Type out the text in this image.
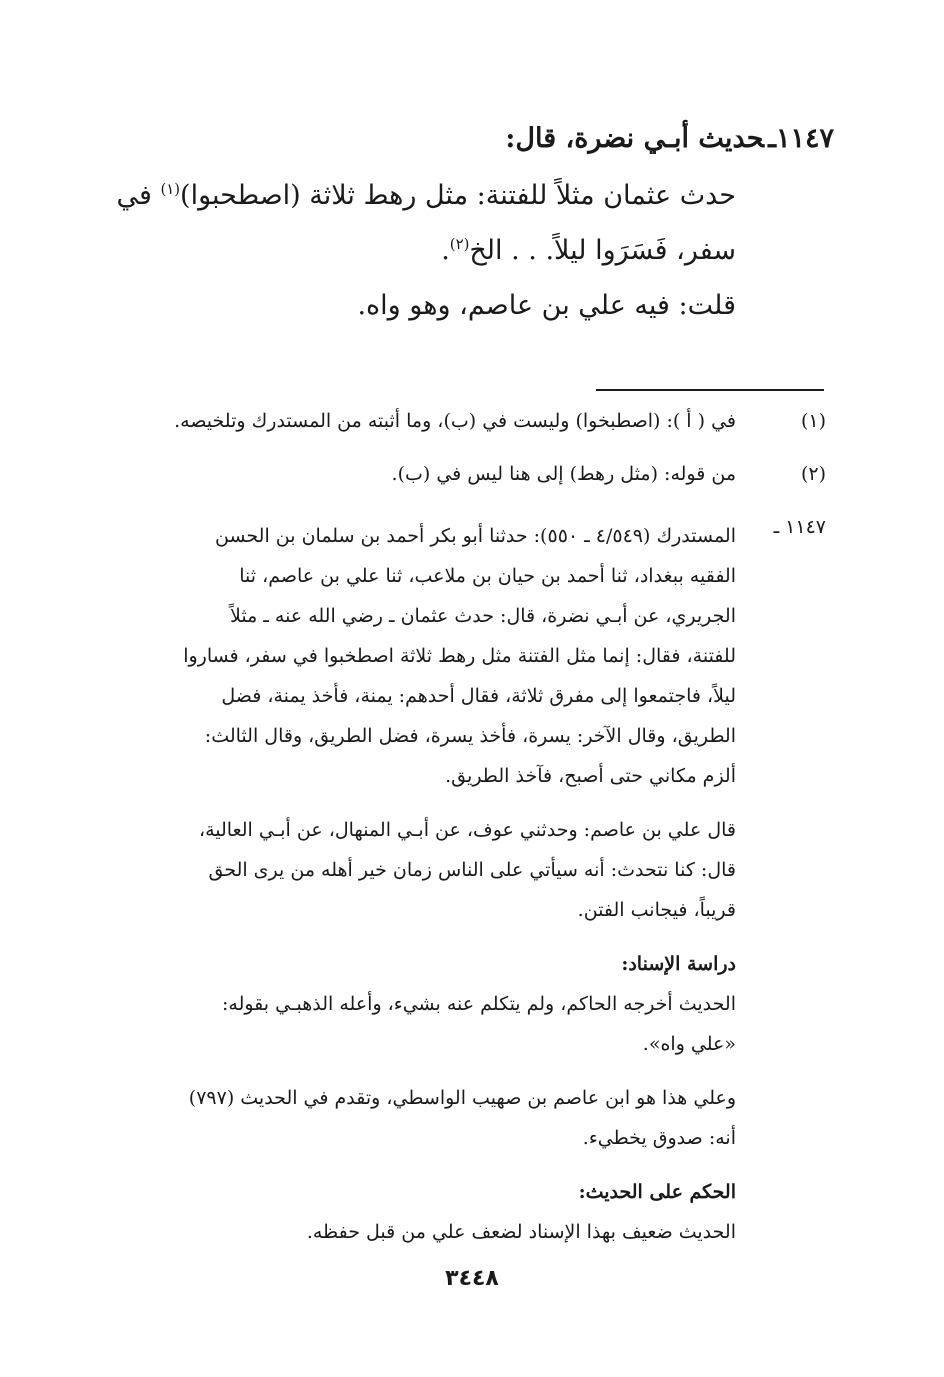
١١٤٧ـحديث أبـي نضرة، قال:
حدث عثمان مثلاً للفتنة: مثل رهط ثلاثة (اصطحبوا)$^{(١)}$ في
سفر، فَسَرَوا ليلاً. . . الخ$^{(٢)}$.
قلت: فيه علي بن عاصم، وهو واه.
(١)
في ( أ ): (اصطبخوا) وليست في (ب)، وما أثبته من المستدرك وتلخيصه.
(٢)
من قوله: (مثل رهط) إلى هنا ليس في (ب).
١١٤٧ ـ
المستدرك (٤/٥٤٩ ـ ٥٥٠): حدثنا أبو بكر أحمد بن سلمان بن الحسن
الفقيه ببغداد، ثنا أحمد بن حيان بن ملاعب، ثنا علي بن عاصم، ثنا
الجريري، عن أبـي نضرة، قال: حدث عثمان ـ رضي الله عنه ـ مثلاً
للفتنة، فقال: إنما مثل الفتنة مثل رهط ثلاثة اصطخبوا في سفر، فساروا
ليلاً، فاجتمعوا إلى مفرق ثلاثة، فقال أحدهم: يمنة، فأخذ يمنة، فضل
الطريق، وقال الآخر: يسرة، فأخذ يسرة، فضل الطريق، وقال الثالث:
ألزم مكاني حتى أصبح، فآخذ الطريق.
قال علي بن عاصم: وحدثني عوف، عن أبـي المنهال، عن أبـي العالية،
قال: كنا نتحدث: أنه سيأتي على الناس زمان خير أهله من يرى الحق
قريباً، فيجانب الفتن.
دراسة الإسناد:
الحديث أخرجه الحاكم، ولم يتكلم عنه بشيء، وأعله الذهبـي بقوله:
«علي واه».
وعلي هذا هو ابن عاصم بن صهيب الواسطي، وتقدم في الحديث (٧٩٧)
أنه: صدوق يخطيء.
الحكم على الحديث:
الحديث ضعيف بهذا الإسناد لضعف علي من قبل حفظه.
٣٤٤٨
